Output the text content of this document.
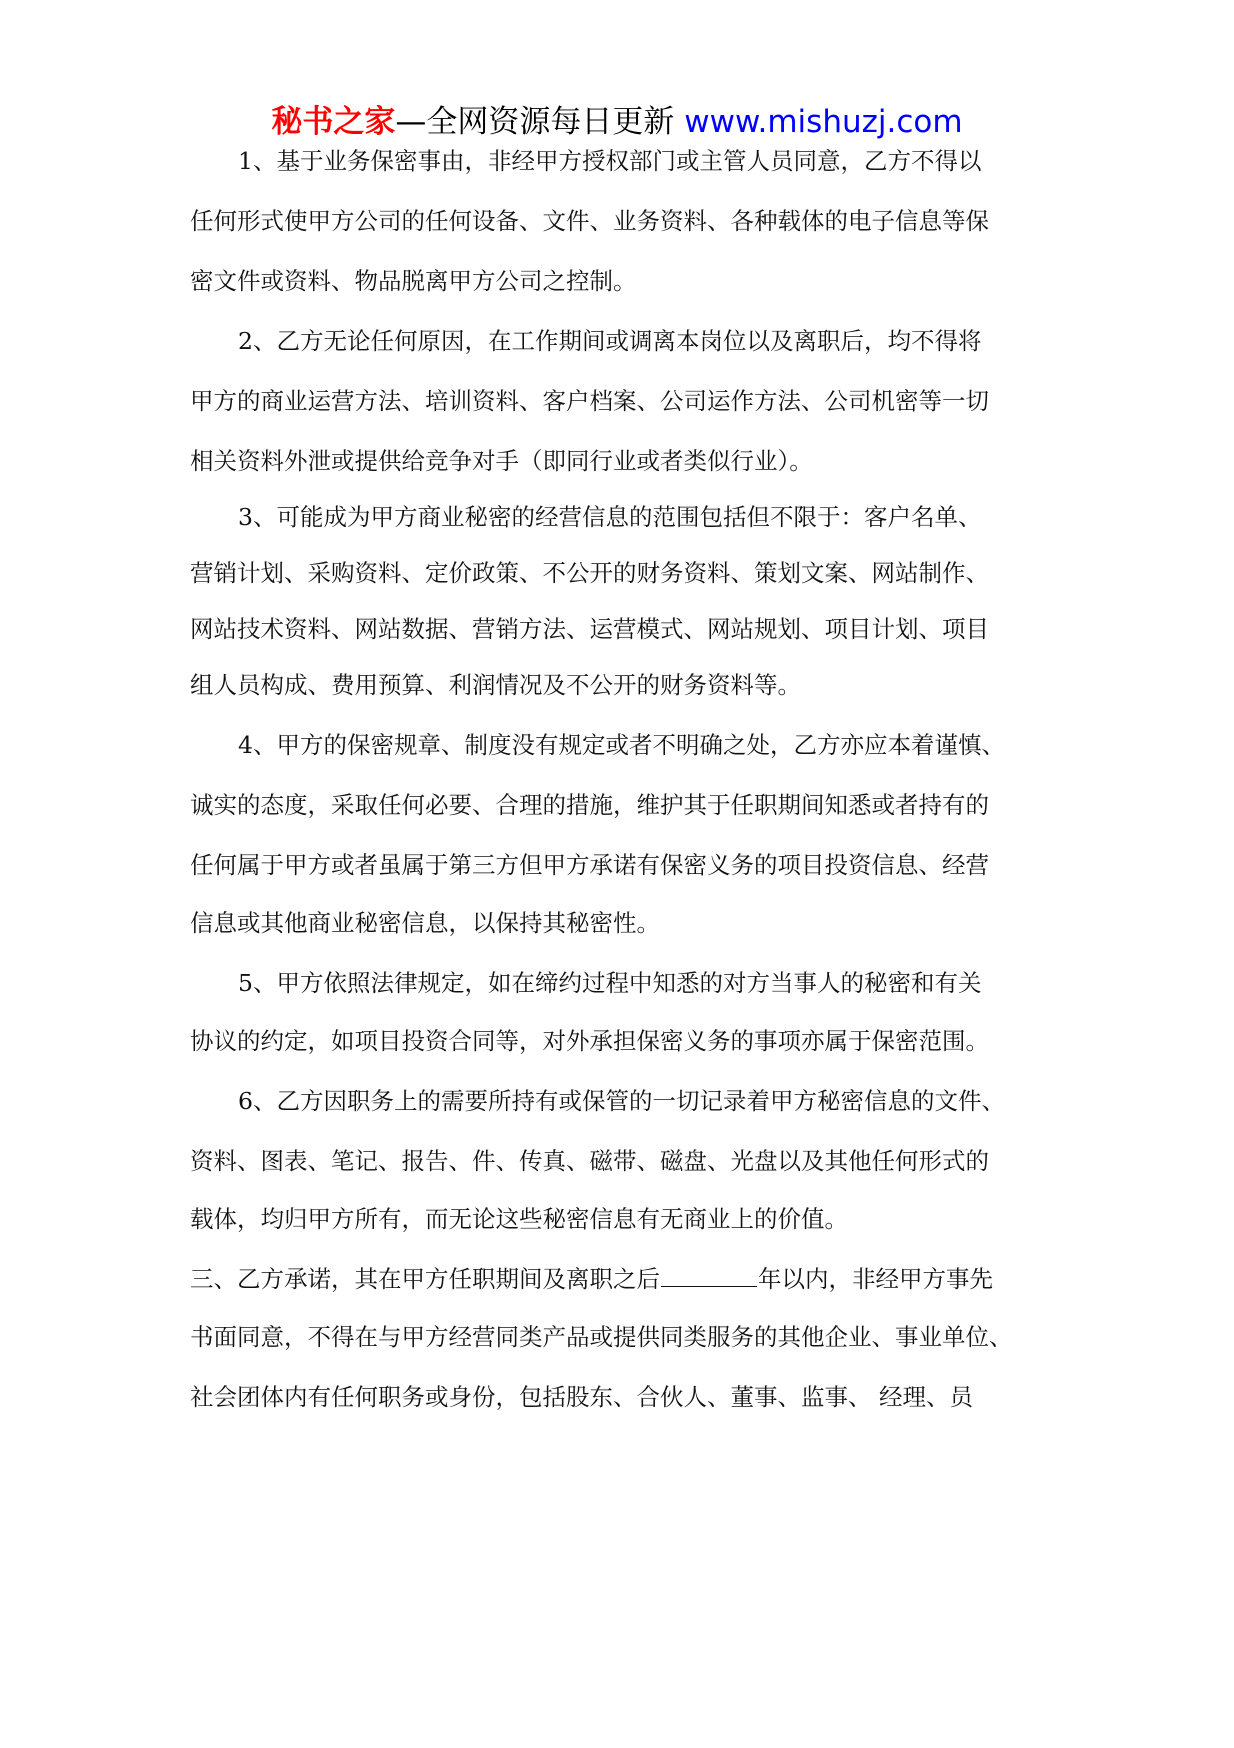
秘书之家—全网资源每日更新 www.mishuzj.com
1、基于业务保密事由，非经甲方授权部门或主管人员同意，乙方不得以
任何形式使甲方公司的任何设备、文件、业务资料、各种载体的电子信息等保
密文件或资料、物品脱离甲方公司之控制。
2、乙方无论任何原因，在工作期间或调离本岗位以及离职后，均不得将
甲方的商业运营方法、培训资料、客户档案、公司运作方法、公司机密等一切
相关资料外泄或提供给竞争对手（即同行业或者类似行业）。
3、可能成为甲方商业秘密的经营信息的范围包括但不限于：客户名单、
营销计划、采购资料、定价政策、不公开的财务资料、策划文案、网站制作、
网站技术资料、网站数据、营销方法、运营模式、网站规划、项目计划、项目
组人员构成、费用预算、利润情况及不公开的财务资料等。
4、甲方的保密规章、制度没有规定或者不明确之处，乙方亦应本着谨慎、
诚实的态度，采取任何必要、合理的措施，维护其于任职期间知悉或者持有的
任何属于甲方或者虽属于第三方但甲方承诺有保密义务的项目投资信息、经营
信息或其他商业秘密信息，以保持其秘密性。
5、甲方依照法律规定，如在缔约过程中知悉的对方当事人的秘密和有关
协议的约定，如项目投资合同等，对外承担保密义务的事项亦属于保密范围。
6、乙方因职务上的需要所持有或保管的一切记录着甲方秘密信息的文件、
资料、图表、笔记、报告、件、传真、磁带、磁盘、光盘以及其他任何形式的
载体，均归甲方所有，而无论这些秘密信息有无商业上的价值。
三、乙方承诺，其在甲方任职期间及离职之后	年以内，非经甲方事先
书面同意，不得在与甲方经营同类产品或提供同类服务的其他企业、事业单位、
社会团体内有任何职务或身份，包括股东、合伙人、董事、监事、 经理、员
